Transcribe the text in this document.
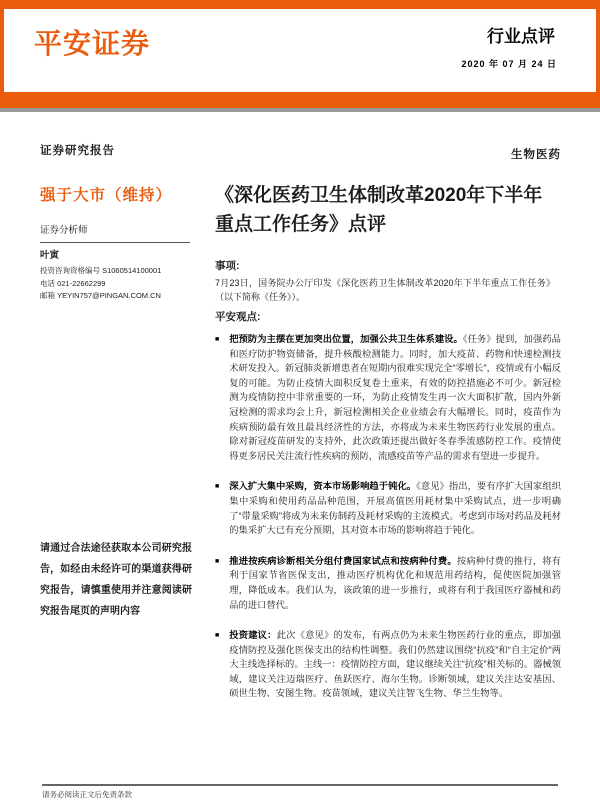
平安证券	行业点评
2020 年 07 月 24 日
证券研究报告
强于大市（维持）
证券分析师
叶寅
投资咨询资格编号 S1060514100001
电话 021-22662299
邮箱 YEYIN757@PINGAN.COM.CN
请通过合法途径获取本公司研究报告，如经由未经许可的渠道获得研究报告，请慎重使用并注意阅读研究报告尾页的声明内容
生物医药
《深化医药卫生体制改革2020年下半年重点工作任务》点评
事项:
7月23日，国务院办公厅印发《深化医药卫生体制改革2020年下半年重点工作任务》（以下简称《任务》）。
平安观点:
■ 把预防为主摆在更加突出位置，加强公共卫生体系建设。《任务》提到，加强药品和医疗防护物资储备，提升核酸检测能力。同时，加大疫苗、药物和快速检测技术研发投入。新冠肺炎新增患者在短期内很难实现完全“零增长”，疫情或有小幅反复的可能。为防止疫情大面积反复卷土重来，有效的防控措施必不可少。新冠检测为疫情防控中非常重要的一环，为防止疫情发生再一次大面积扩散，国内外新冠检测的需求均会上升，新冠检测相关企业业绩会有大幅增长。同时，疫苗作为疾病预防最有效且最具经济性的方法，亦将成为未来生物医药行业发展的重点。除对新冠疫苗研发的支持外，此次政策还提出做好冬春季流感防控工作。疫情使得更多居民关注流行性疾病的预防，流感疫苗等产品的需求有望进一步提升。
■ 深入扩大集中采购，资本市场影响趋于钝化。《意见》指出，要有序扩大国家组织集中采购和使用药品品种范围，开展高值医用耗材集中采购试点，进一步明确了“带量采购”将成为未来仿制药及耗材采购的主流模式。考虑到市场对药品及耗材的集采扩大已有充分预期，其对资本市场的影响将趋于钝化。
■ 推进按疾病诊断相关分组付费国家试点和按病种付费。按病种付费的推行，将有利于国家节省医保支出，推动医疗机构优化和规范用药结构，促使医院加强管理，降低成本。我们认为，该政策的进一步推行，或将有利于我国医疗器械和药品的进口替代。
■ 投资建议：此次《意见》的发布，有两点仍为未来生物医药行业的重点，即加强疫情防控及强化医保支出的结构性调整。我们仍然建议围绕“抗疫”和“自主定价”两大主线选择标的。主线一：疫情防控方面，建议继续关注“抗疫”相关标的。器械领域，建议关注迈瑞医疗、鱼跃医疗、海尔生物。诊断领域，建议关注达安基因、硕世生物、安图生物。疫苗领域，建议关注智飞生物、华兰生物等。
请务必阅读正文后免责条款
